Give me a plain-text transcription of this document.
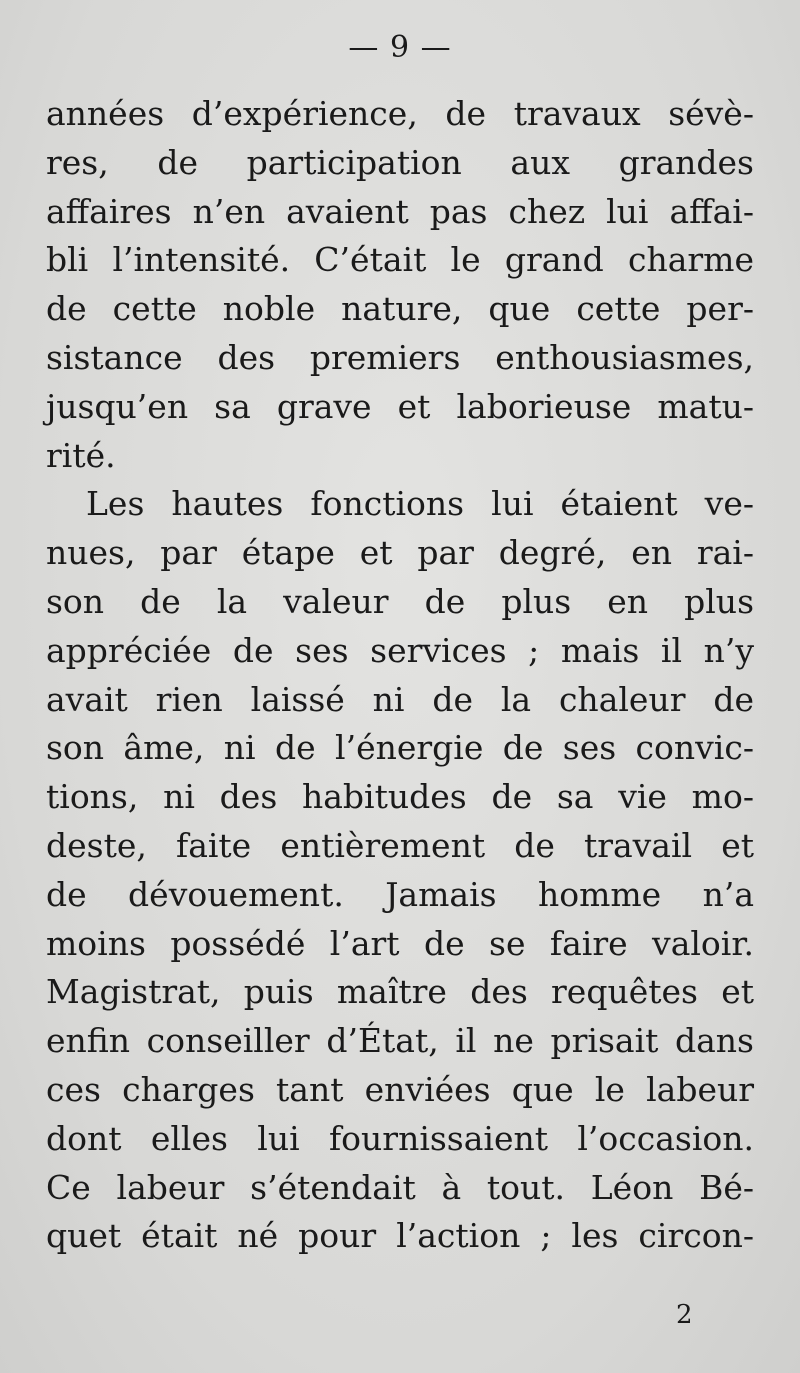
— 9 —
années d’expérience, de travaux sévè-
res, de participation aux grandes
affaires n’en avaient pas chez lui affai-
bli l’intensité. C’était le grand charme
de cette noble nature, que cette per-
sistance des premiers enthousiasmes,
jusqu’en sa grave et laborieuse matu-
rité.
Les hautes fonctions lui étaient ve-
nues, par étape et par degré, en rai-
son de la valeur de plus en plus
appréciée de ses services ; mais il n’y
avait rien laissé ni de la chaleur de
son âme, ni de l’énergie de ses convic-
tions, ni des habitudes de sa vie mo-
deste, faite entièrement de travail et
de dévouement. Jamais homme n’a
moins possédé l’art de se faire valoir.
Magistrat, puis maître des requêtes et
enfin conseiller d’État, il ne prisait dans
ces charges tant enviées que le labeur
dont elles lui fournissaient l’occasion.
Ce labeur s’étendait à tout. Léon Bé-
quet était né pour l’action ; les circon-
2
